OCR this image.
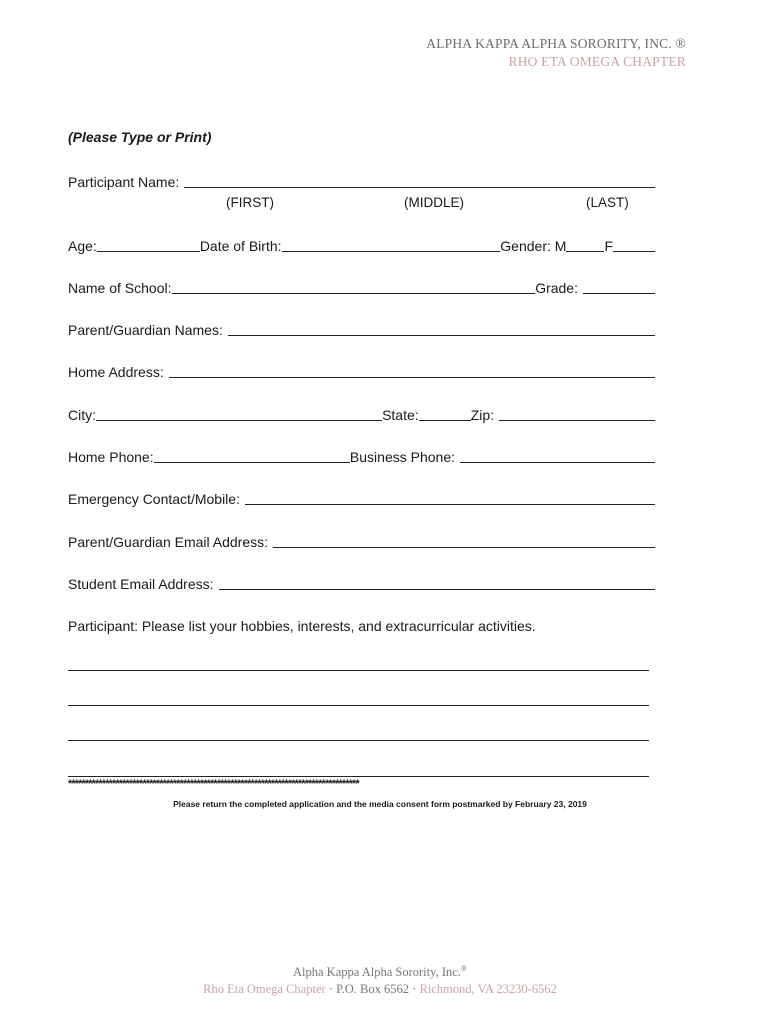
ALPHA KAPPA ALPHA SORORITY, INC. ®
RHO ETA OMEGA CHAPTER
(Please Type or Print)
Participant Name:
(FIRST)	(MIDDLE)	(LAST)
Age:	Date of Birth:	Gender: M	F
Name of School:	Grade:
Parent/Guardian Names:
Home Address:
City:	State:	Zip:
Home Phone:	Business Phone:
Emergency Contact/Mobile:
Parent/Guardian Email Address:
Student Email Address:
Participant: Please list your hobbies, interests, and extracurricular activities.
**************************************************************************************
Please return the completed application and the media consent form postmarked by February 23, 2019
Alpha Kappa Alpha Sorority, Inc.®
Rho Eta Omega Chapter · P.O. Box 6562 · Richmond, VA 23230-6562
